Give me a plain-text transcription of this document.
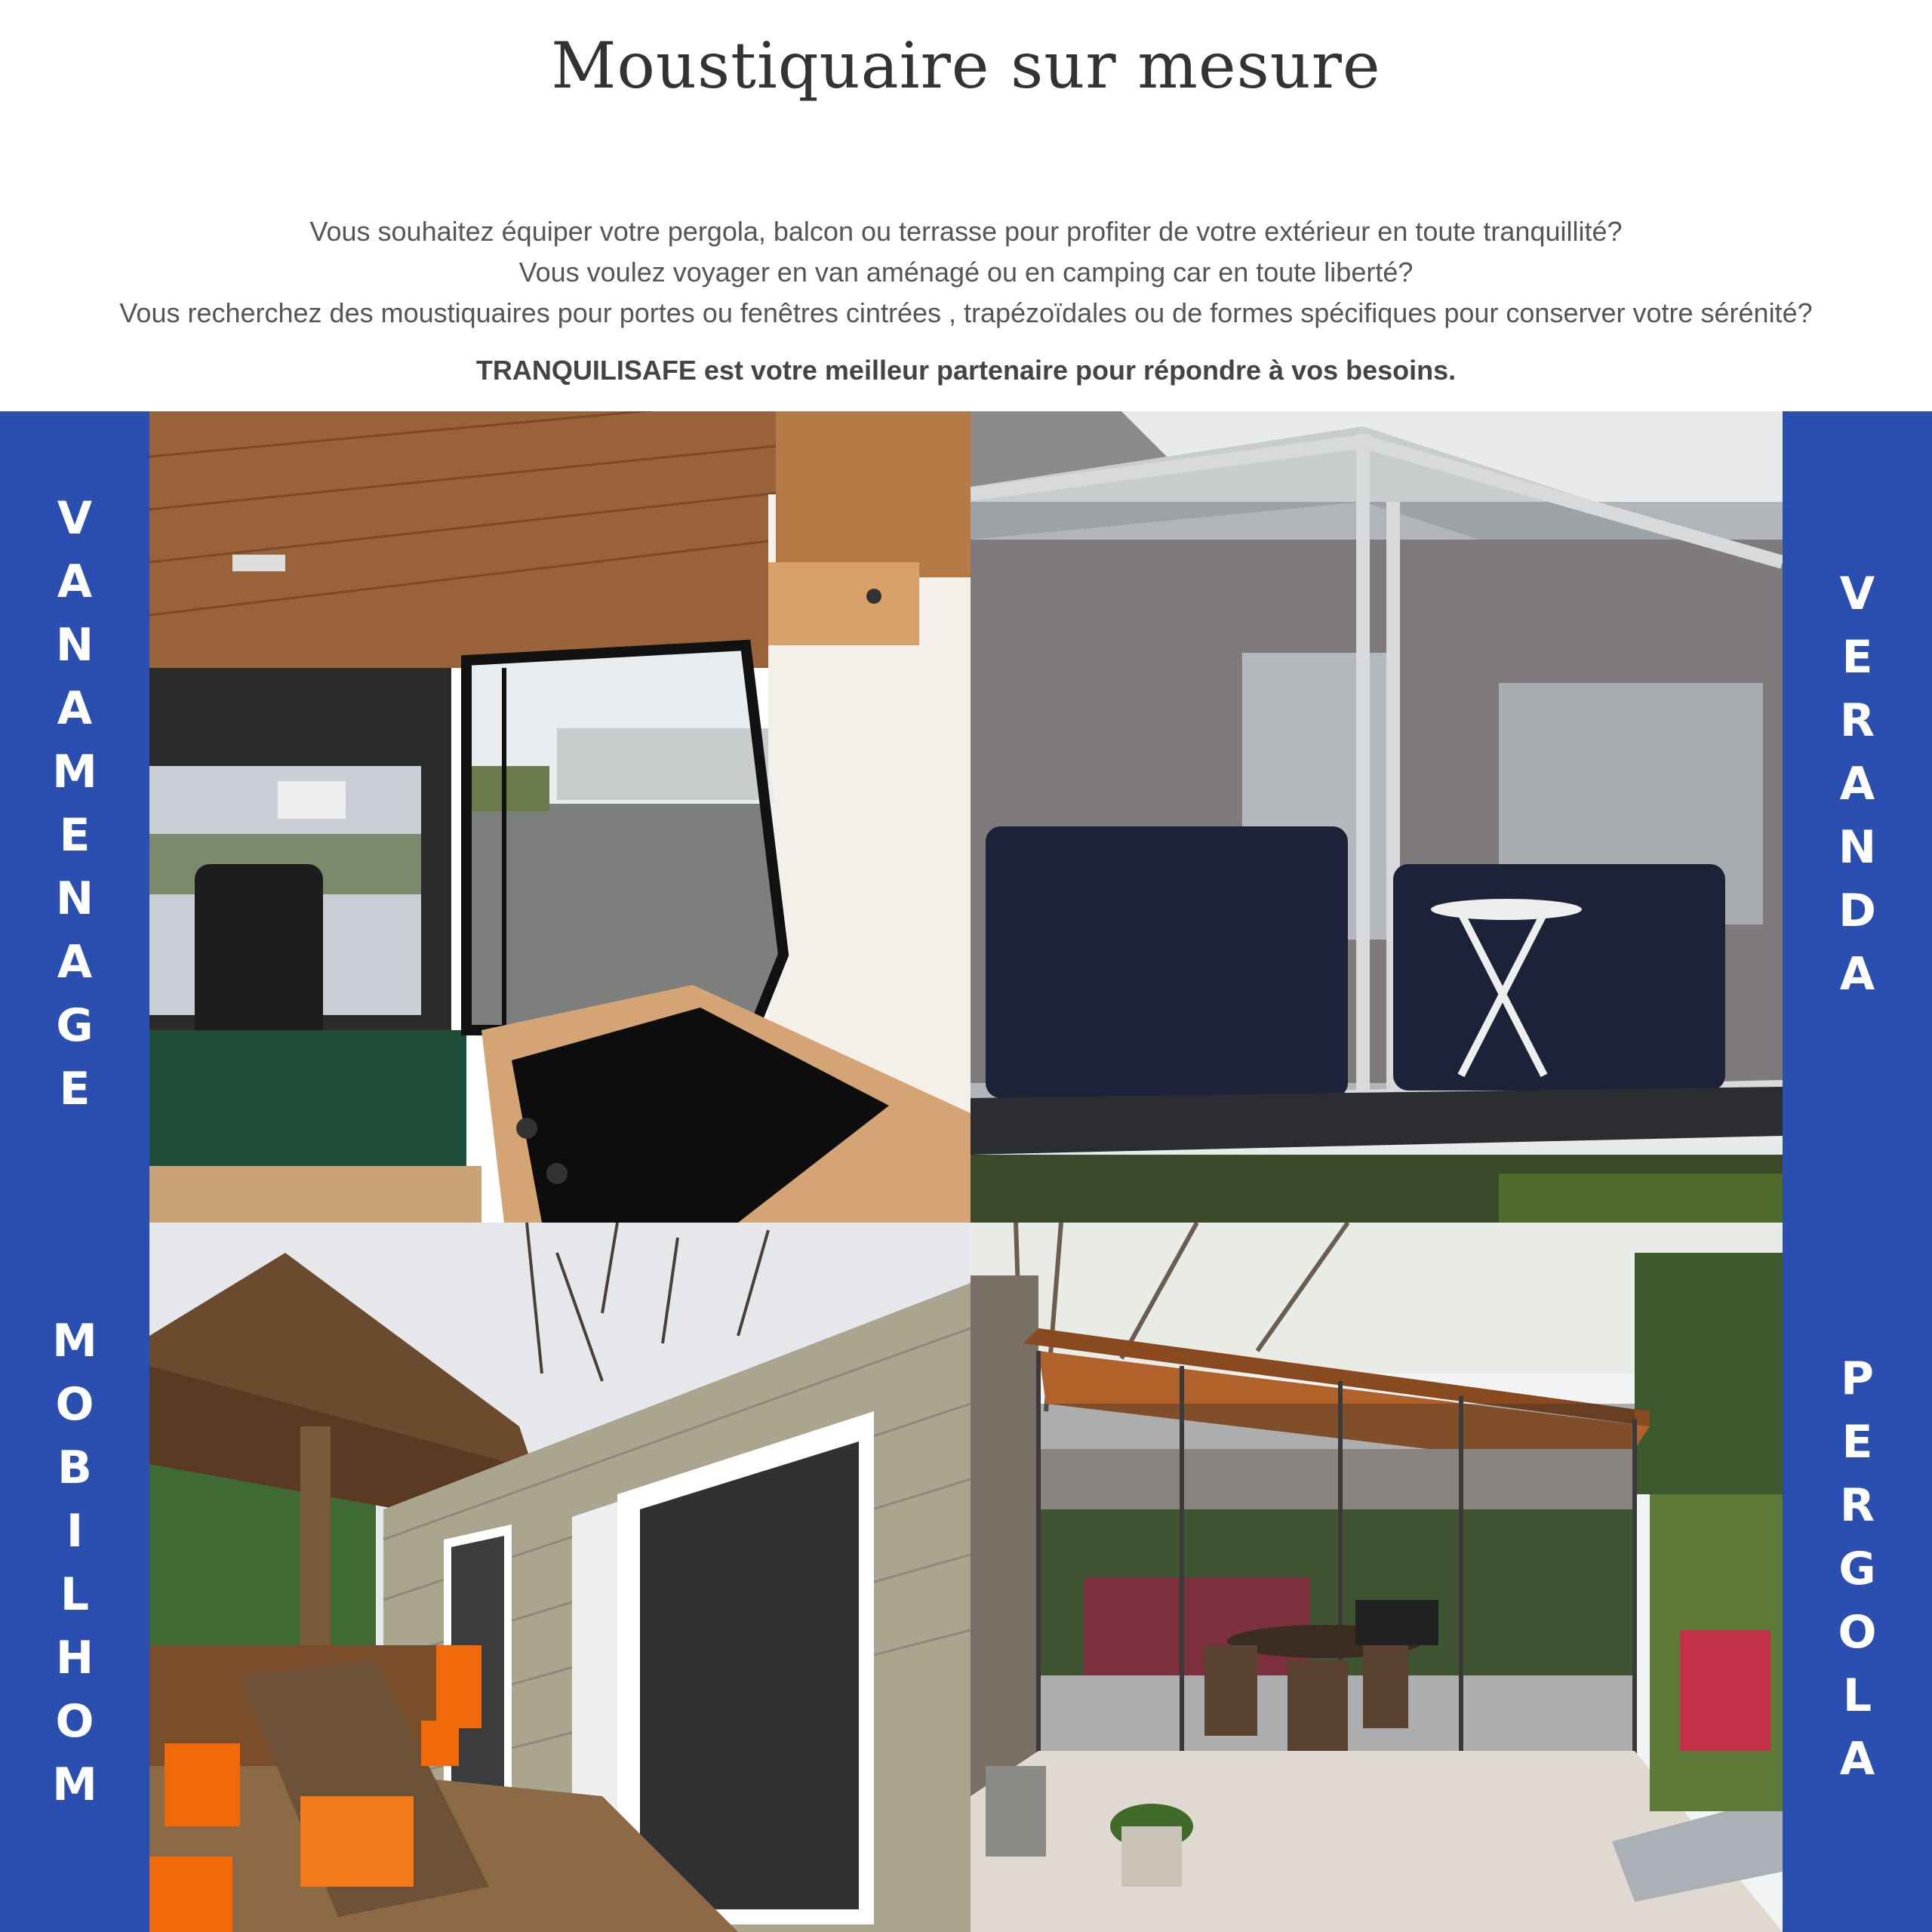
Moustiquaire sur mesure
Vous souhaitez équiper votre pergola, balcon ou terrasse pour profiter de votre extérieur en toute tranquillité?
Vous voulez voyager en van aménagé ou en camping car en toute liberté?
Vous recherchez des moustiquaires pour portes ou fenêtres cintrées , trapézoïdales ou de formes spécifiques pour conserver votre sérénité?
TRANQUILISAFE est votre meilleur partenaire pour répondre à vos besoins.
V
A
N
A
M
E
N
A
G
E
M
O
B
I
L
H
O
M
V
E
R
A
N
D
A
P
E
R
G
O
L
A
